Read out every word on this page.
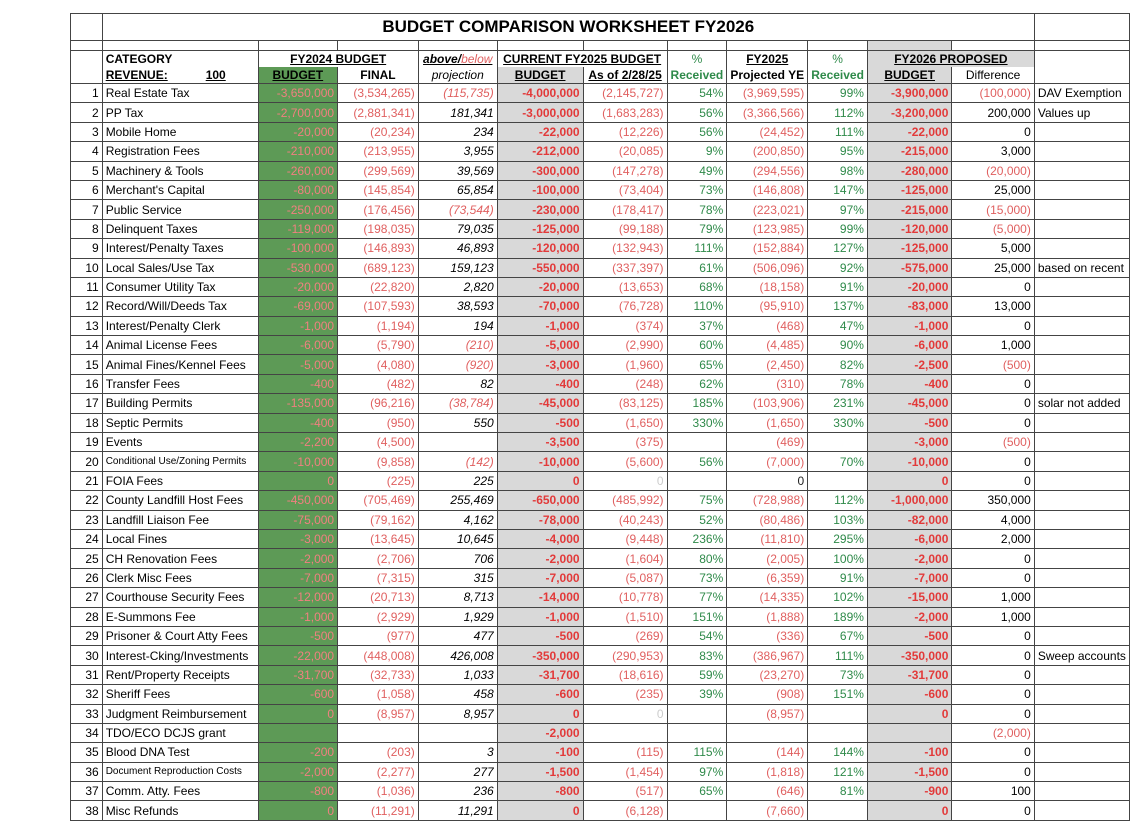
	BUDGET COMPARISON WORKSHEET FY2026											

	CATEGORY	FY2024 BUDGET		above/below	CURRENT FY2025 BUDGET		%	FY2025	%	FY2026 PROPOSED		
	REVENUE: 100	BUDGET	FINAL	projection	BUDGET	As of 2/28/25	Received	Projected YE	Received	BUDGET	Difference	
1	Real Estate Tax	-3,650,000	(3,534,265)	(115,735)	-4,000,000	(2,145,727)	54%	(3,969,595)	99%	-3,900,000	(100,000)	DAV Exemption
2	PP Tax	-2,700,000	(2,881,341)	181,341	-3,000,000	(1,683,283)	56%	(3,366,566)	112%	-3,200,000	200,000	Values up
3	Mobile Home	-20,000	(20,234)	234	-22,000	(12,226)	56%	(24,452)	111%	-22,000	0	
4	Registration Fees	-210,000	(213,955)	3,955	-212,000	(20,085)	9%	(200,850)	95%	-215,000	3,000	
5	Machinery & Tools	-260,000	(299,569)	39,569	-300,000	(147,278)	49%	(294,556)	98%	-280,000	(20,000)	
6	Merchant's Capital	-80,000	(145,854)	65,854	-100,000	(73,404)	73%	(146,808)	147%	-125,000	25,000	
7	Public Service	-250,000	(176,456)	(73,544)	-230,000	(178,417)	78%	(223,021)	97%	-215,000	(15,000)	
8	Delinquent Taxes	-119,000	(198,035)	79,035	-125,000	(99,188)	79%	(123,985)	99%	-120,000	(5,000)	
9	Interest/Penalty Taxes	-100,000	(146,893)	46,893	-120,000	(132,943)	111%	(152,884)	127%	-125,000	5,000	
10	Local Sales/Use Tax	-530,000	(689,123)	159,123	-550,000	(337,397)	61%	(506,096)	92%	-575,000	25,000	based on recent
11	Consumer Utility Tax	-20,000	(22,820)	2,820	-20,000	(13,653)	68%	(18,158)	91%	-20,000	0	
12	Record/Will/Deeds Tax	-69,000	(107,593)	38,593	-70,000	(76,728)	110%	(95,910)	137%	-83,000	13,000	
13	Interest/Penalty Clerk	-1,000	(1,194)	194	-1,000	(374)	37%	(468)	47%	-1,000	0	
14	Animal License Fees	-6,000	(5,790)	(210)	-5,000	(2,990)	60%	(4,485)	90%	-6,000	1,000	
15	Animal Fines/Kennel Fees	-5,000	(4,080)	(920)	-3,000	(1,960)	65%	(2,450)	82%	-2,500	(500)	
16	Transfer Fees	-400	(482)	82	-400	(248)	62%	(310)	78%	-400	0	
17	Building Permits	-135,000	(96,216)	(38,784)	-45,000	(83,125)	185%	(103,906)	231%	-45,000	0	solar not added
18	Septic Permits	-400	(950)	550	-500	(1,650)	330%	(1,650)	330%	-500	0	
19	Events	-2,200	(4,500)		-3,500	(375)		(469)		-3,000	(500)	
20	Conditional Use/Zoning Permits	-10,000	(9,858)	(142)	-10,000	(5,600)	56%	(7,000)	70%	-10,000	0	
21	FOIA Fees	0	(225)	225	0	0		0		0	0	
22	County Landfill Host Fees	-450,000	(705,469)	255,469	-650,000	(485,992)	75%	(728,988)	112%	-1,000,000	350,000	
23	Landfill Liaison Fee	-75,000	(79,162)	4,162	-78,000	(40,243)	52%	(80,486)	103%	-82,000	4,000	
24	Local Fines	-3,000	(13,645)	10,645	-4,000	(9,448)	236%	(11,810)	295%	-6,000	2,000	
25	CH Renovation Fees	-2,000	(2,706)	706	-2,000	(1,604)	80%	(2,005)	100%	-2,000	0	
26	Clerk Misc Fees	-7,000	(7,315)	315	-7,000	(5,087)	73%	(6,359)	91%	-7,000	0	
27	Courthouse Security Fees	-12,000	(20,713)	8,713	-14,000	(10,778)	77%	(14,335)	102%	-15,000	1,000	
28	E-Summons Fee	-1,000	(2,929)	1,929	-1,000	(1,510)	151%	(1,888)	189%	-2,000	1,000	
29	Prisoner & Court Atty Fees	-500	(977)	477	-500	(269)	54%	(336)	67%	-500	0	
30	Interest-Cking/Investments	-22,000	(448,008)	426,008	-350,000	(290,953)	83%	(386,967)	111%	-350,000	0	Sweep accounts
31	Rent/Property Receipts	-31,700	(32,733)	1,033	-31,700	(18,616)	59%	(23,270)	73%	-31,700	0	
32	Sheriff Fees	-600	(1,058)	458	-600	(235)	39%	(908)	151%	-600	0	
33	Judgment Reimbursement	0	(8,957)	8,957	0	0		(8,957)		0	0	
34	TDO/ECO DCJS grant				-2,000						(2,000)	
35	Blood DNA Test	-200	(203)	3	-100	(115)	115%	(144)	144%	-100	0	
36	Document Reproduction Costs	-2,000	(2,277)	277	-1,500	(1,454)	97%	(1,818)	121%	-1,500	0	
37	Comm. Atty. Fees	-800	(1,036)	236	-800	(517)	65%	(646)	81%	-900	100	
38	Misc Refunds	0	(11,291)	11,291	0	(6,128)		(7,660)		0	0	
